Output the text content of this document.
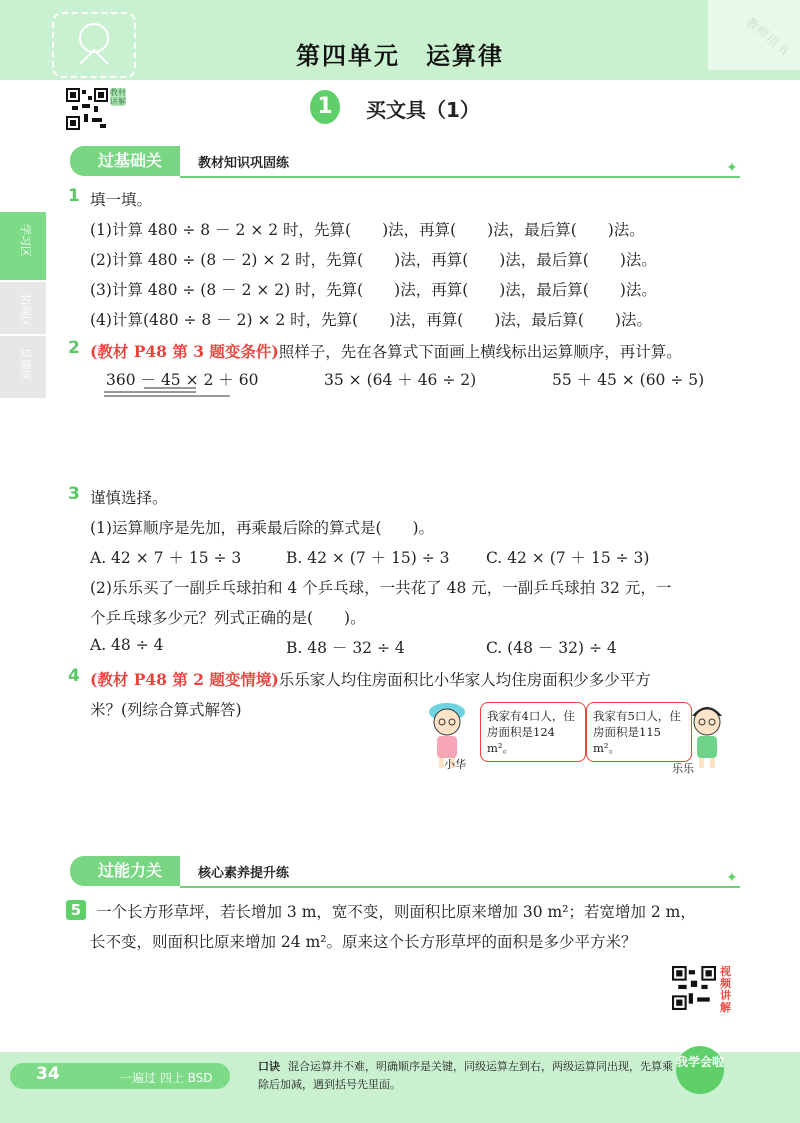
教师用书
第四单元　运算律
教材讲解	1	买文具（1）
过基础关	教材知识巩固练	✦
学习区
拓展区
反馈区
1 填一填。
(1)计算 480 ÷ 8 － 2 × 2 时，先算(　　)法，再算(　　)法，最后算(　　)法。
(2)计算 480 ÷ (8 － 2) × 2 时，先算(　　)法，再算(　　)法，最后算(　　)法。
(3)计算 480 ÷ (8 － 2 × 2) 时，先算(　　)法，再算(　　)法，最后算(　　)法。
(4)计算(480 ÷ 8 － 2) × 2 时，先算(　　)法，再算(　　)法，最后算(　　)法。
2 (教材 P48 第 3 题变条件)照样子，先在各算式下面画上横线标出运算顺序，再计算。
360 － 45 × 2 ＋ 60	35 × (64 ＋ 46 ÷ 2)	55 ＋ 45 × (60 ÷ 5)
3 谨慎选择。
(1)运算顺序是先加，再乘最后除的算式是(　　)。
A. 42 × 7 ＋ 15 ÷ 3	B. 42 × (7 ＋ 15) ÷ 3 C. 42 × (7 ＋ 15 ÷ 3)
(2)乐乐买了一副乒乓球拍和 4 个乒乓球，一共花了 48 元，一副乒乓球拍 32 元，一
个乒乓球多少元？列式正确的是(　　)。
A. 48 ÷ 4	B. 48 － 32 ÷ 4	C. (48 － 32) ÷ 4
4 (教材 P48 第 2 题变情境)乐乐家人均住房面积比小华家人均住房面积少多少平方
米？(列综合算式解答)
小华
我家有4口人，住房面积是124 m²。
我家有5口人，住房面积是115 m²。
乐乐
过能力关	核心素养提升练	✦
5 一个长方形草坪，若长增加 3 m，宽不变，则面积比原来增加 30 m²；若宽增加 2 m，
长不变，则面积比原来增加 24 m²。原来这个长方形草坪的面积是多少平方米？
视频讲解
34	一遍过 四上 BSD
口诀 混合运算并不难，明确顺序是关键，同级运算左到右，两级运算同出现，先算乘除后加减，遇到括号先里面。
我学会啦
